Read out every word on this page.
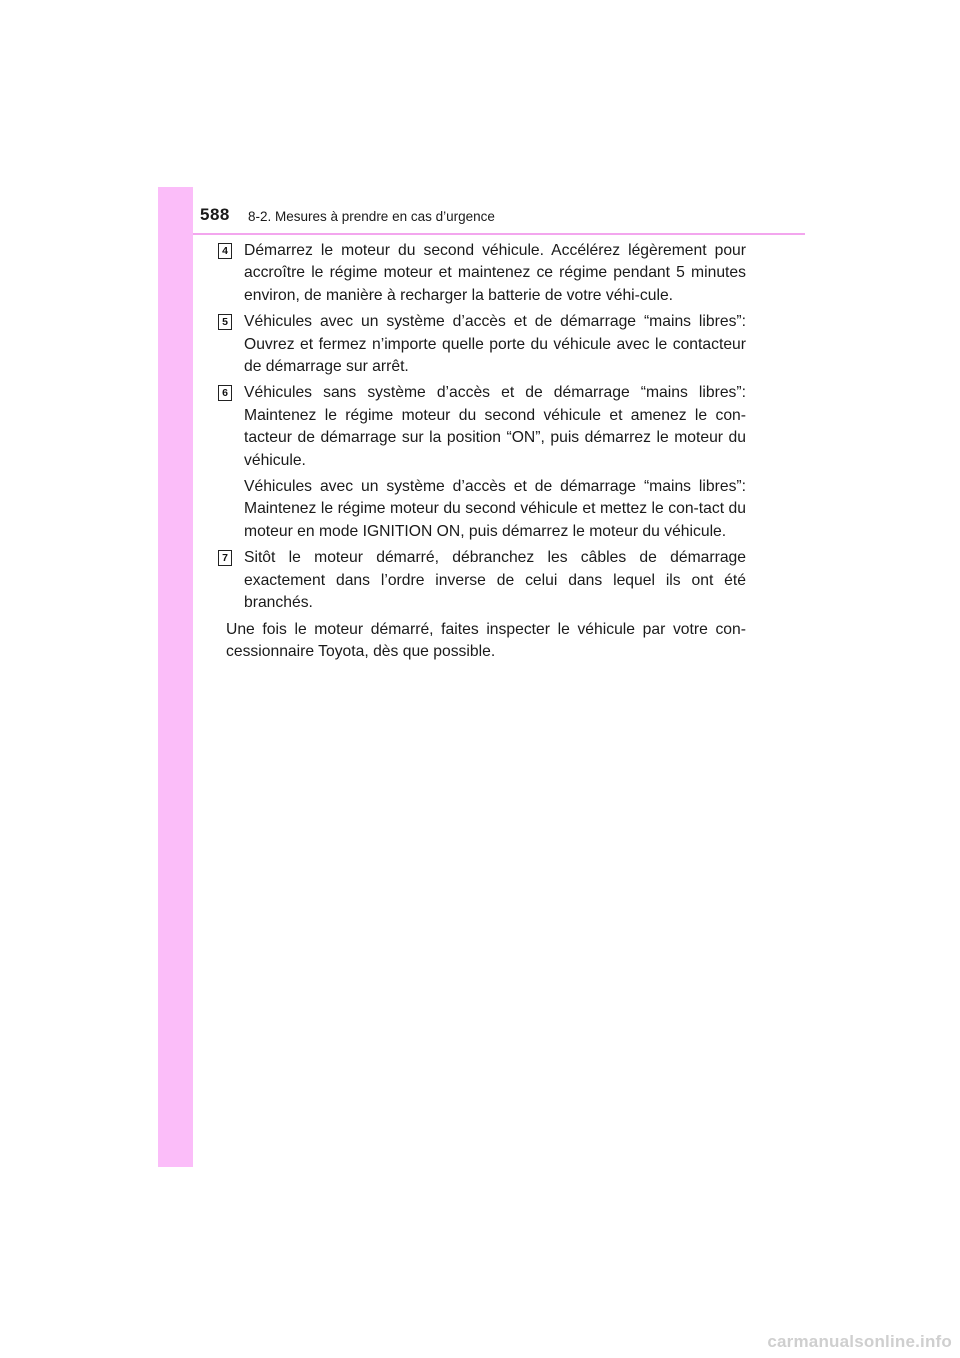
588 8-2. Mesures à prendre en cas d’urgence
4 Démarrez le moteur du second véhicule. Accélérez légèrement pour accroître le régime moteur et maintenez ce régime pendant 5 minutes environ, de manière à recharger la batterie de votre véhi-cule.

5 Véhicules avec un système d’accès et de démarrage “mains libres”: Ouvrez et fermez n’importe quelle porte du véhicule avec le contacteur de démarrage sur arrêt.

6 Véhicules sans système d’accès et de démarrage “mains libres”: Maintenez le régime moteur du second véhicule et amenez le con-tacteur de démarrage sur la position “ON”, puis démarrez le moteur du véhicule.

Véhicules avec un système d’accès et de démarrage “mains libres”: Maintenez le régime moteur du second véhicule et mettez le con-tact du moteur en mode IGNITION ON, puis démarrez le moteur du véhicule.

7 Sitôt le moteur démarré, débranchez les câbles de démarrage exactement dans l’ordre inverse de celui dans lequel ils ont été branchés.

Une fois le moteur démarré, faites inspecter le véhicule par votre con-cessionnaire Toyota, dès que possible.

carmanualsonline.info
